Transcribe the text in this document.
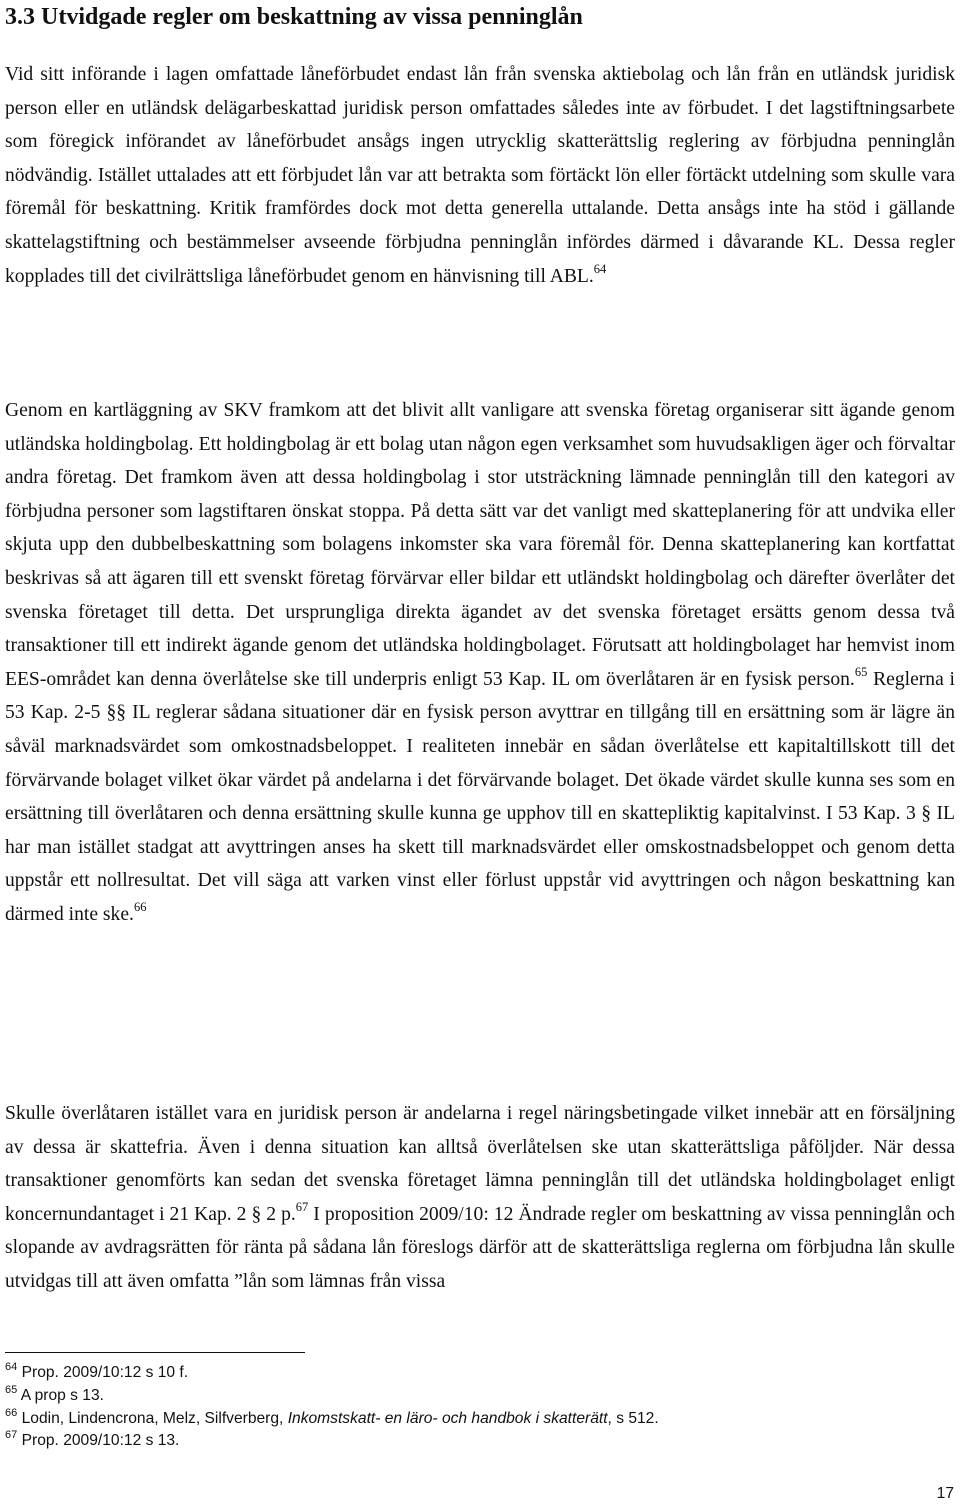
3.3 Utvidgade regler om beskattning av vissa penninglån

Vid sitt införande i lagen omfattade låneförbudet endast lån från svenska aktiebolag och lån från en utländsk juridisk person eller en utländsk delägarbeskattad juridisk person omfattades således inte av förbudet. I det lagstiftningsarbete som föregick införandet av låneförbudet ansågs ingen utrycklig skatterättslig reglering av förbjudna penninglån nödvändig. Istället uttalades att ett förbjudet lån var att betrakta som förtäckt lön eller förtäckt utdelning som skulle vara föremål för beskattning. Kritik framfördes dock mot detta generella uttalande. Detta ansågs inte ha stöd i gällande skattelagstiftning och bestämmelser avseende förbjudna penninglån infördes därmed i dåvarande KL. Dessa regler kopplades till det civilrättsliga låneförbudet genom en hänvisning till ABL.$^{64}$

Genom en kartläggning av SKV framkom att det blivit allt vanligare att svenska företag organiserar sitt ägande genom utländska holdingbolag. Ett holdingbolag är ett bolag utan någon egen verksamhet som huvudsakligen äger och förvaltar andra företag. Det framkom även att dessa holdingbolag i stor utsträckning lämnade penninglån till den kategori av förbjudna personer som lagstiftaren önskat stoppa. På detta sätt var det vanligt med skatteplanering för att undvika eller skjuta upp den dubbelbeskattning som bolagens inkomster ska vara föremål för. Denna skatteplanering kan kortfattat beskrivas så att ägaren till ett svenskt företag förvärvar eller bildar ett utländskt holdingbolag och därefter överlåter det svenska företaget till detta. Det ursprungliga direkta ägandet av det svenska företaget ersätts genom dessa två transaktioner till ett indirekt ägande genom det utländska holdingbolaget. Förutsatt att holdingbolaget har hemvist inom EES-området kan denna överlåtelse ske till underpris enligt 53 Kap. IL om överlåtaren är en fysisk person.$^{65}$ Reglerna i 53 Kap. 2-5 §§ IL reglerar sådana situationer där en fysisk person avyttrar en tillgång till en ersättning som är lägre än såväl marknadsvärdet som omkostnadsbeloppet. I realiteten innebär en sådan överlåtelse ett kapitaltillskott till det förvärvande bolaget vilket ökar värdet på andelarna i det förvärvande bolaget. Det ökade värdet skulle kunna ses som en ersättning till överlåtaren och denna ersättning skulle kunna ge upphov till en skattepliktig kapitalvinst. I 53 Kap. 3 § IL har man istället stadgat att avyttringen anses ha skett till marknadsvärdet eller omskostnadsbeloppet och genom detta uppstår ett nollresultat. Det vill säga att varken vinst eller förlust uppstår vid avyttringen och någon beskattning kan därmed inte ske.$^{66}$

Skulle överlåtaren istället vara en juridisk person är andelarna i regel näringsbetingade vilket innebär att en försäljning av dessa är skattefria. Även i denna situation kan alltså överlåtelsen ske utan skatterättsliga påföljder. När dessa transaktioner genomförts kan sedan det svenska företaget lämna penninglån till det utländska holdingbolaget enligt koncernundantaget i 21 Kap. 2 § 2 p.$^{67}$ I proposition 2009/10: 12 Ändrade regler om beskattning av vissa penninglån och slopande av avdragsrätten för ränta på sådana lån föreslogs därför att de skatterättsliga reglerna om förbjudna lån skulle utvidgas till att även omfatta ”lån som lämnas från vissa

$^{64}$ Prop. 2009/10:12 s 10 f.

$^{65}$ A prop s 13.

$^{66}$ Lodin, Lindencrona, Melz, Silfverberg, Inkomstskatt- en läro- och handbok i skatterätt, s 512.

$^{67}$ Prop. 2009/10:12 s 13.

17
